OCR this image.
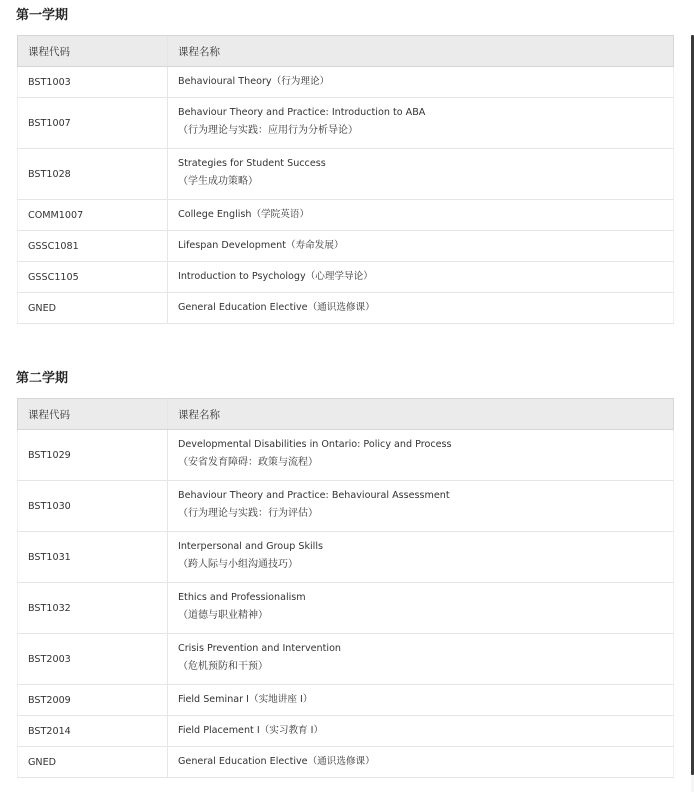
第一学期
课程代码	课程名称
BST1003	Behavioural Theory（行为理论）
BST1007	Behaviour Theory and Practice: Introduction to ABA
（行为理论与实践：应用行为分析导论）

BST1028	Strategies for Student Success
（学生成功策略）

COMM1007	College English（学院英语）
GSSC1081	Lifespan Development（寿命发展）
GSSC1105	Introduction to Psychology（心理学导论）
GNED	General Education Elective（通识选修课）
第二学期
课程代码	课程名称
BST1029	Developmental Disabilities in Ontario: Policy and Process
（安省发育障碍：政策与流程）

BST1030	Behaviour Theory and Practice: Behavioural Assessment
（行为理论与实践：行为评估）

BST1031	Interpersonal and Group Skills
（跨人际与小组沟通技巧）

BST1032	Ethics and Professionalism
（道德与职业精神）

BST2003	Crisis Prevention and Intervention
（危机预防和干预）

BST2009	Field Seminar I（实地讲座 I）
BST2014	Field Placement I（实习教育 I）
GNED	General Education Elective（通识选修课）
